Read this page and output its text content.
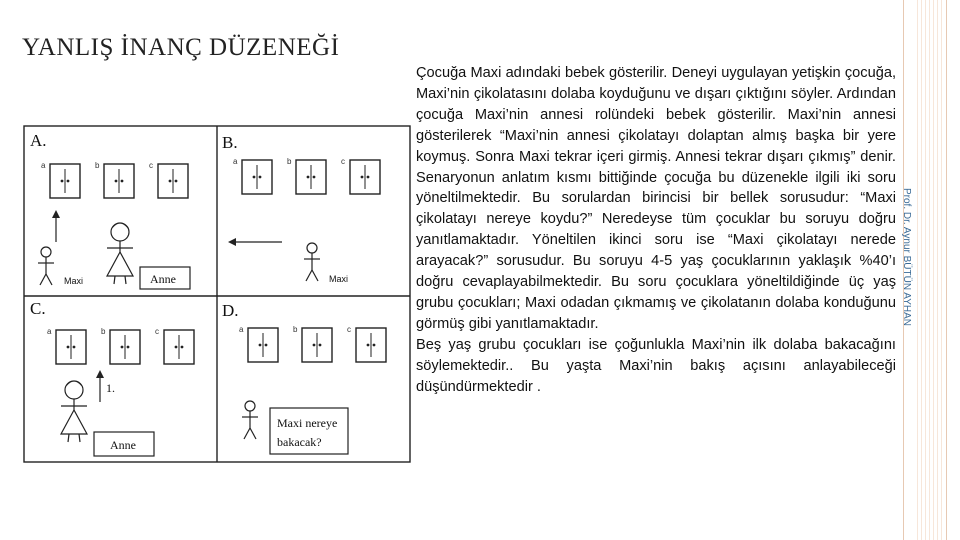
YANLIŞ İNANÇ DÜZENEĞİ
A.	B.
C.	D.
a	b	c
Maxi	Anne
a	b	c
Maxi
a	b	c
1.
Anne
a	b	c
Maxi nereye
bakacak?

Çocuğa Maxi adındaki bebek gösterilir. Deneyi uygulayan yetişkin çocuğa, Maxi’nin çikolatasını dolaba koyduğunu ve dışarı çıktığını söyler. Ardından çocuğa Maxi’nin annesi rolündeki bebek gösterilir. Maxi’nin annesi gösterilerek “Maxi’nin annesi çikolatayı dolaptan almış başka bir yere koymuş. Sonra Maxi tekrar içeri girmiş. Annesi tekrar dışarı çıkmış” denir. Senaryonun anlatım kısmı bittiğinde çocuğa bu düzenekle ilgili iki soru yöneltilmektedir. Bu sorulardan birincisi bir bellek sorusudur: “Maxi çikolatayı nereye koydu?” Neredeyse tüm çocuklar bu soruyu doğru yanıtlamaktadır. Yöneltilen ikinci soru ise “Maxi çikolatayı nerede arayacak?” sorusudur. Bu soruyu 4-5 yaş çocuklarının yaklaşık %40’ı doğru cevaplayabilmektedir. Bu soru çocuklara yöneltildiğinde üç yaş grubu çocukları; Maxi odadan çıkmamış ve çikolatanın dolaba konduğunu görmüş gibi yanıtlamaktadır.

Beş yaş grubu çocukları ise çoğunlukla Maxi’nin ilk dolaba bakacağını söylemektedir.. Bu yaşta Maxi’nin bakış açısını anlayabileceği düşündürmektedir .

Prof. Dr. Aynur BÜTÜN AYHAN
